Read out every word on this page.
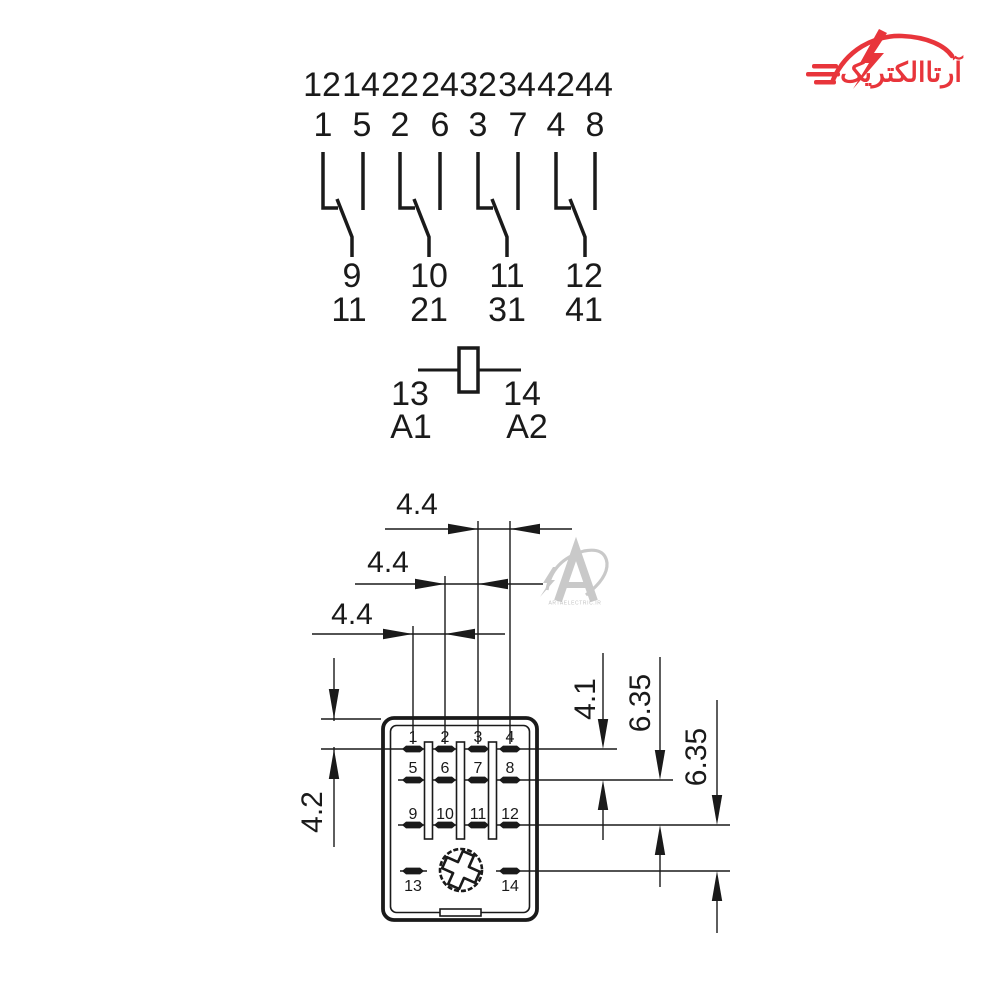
آرتاالکتریک
12 14 22 24 32 34 42 44
1 5 2 6 3 7 4 8
9 10 11 12
11 21 31 41
13 14
A1 A2
4.4
4.4
4.4
4.2
4.1 6.35
6.35
1 2 3 4
5 6 7 8
9 10 11 12
13	14
ARTAELECTRIC.IR
